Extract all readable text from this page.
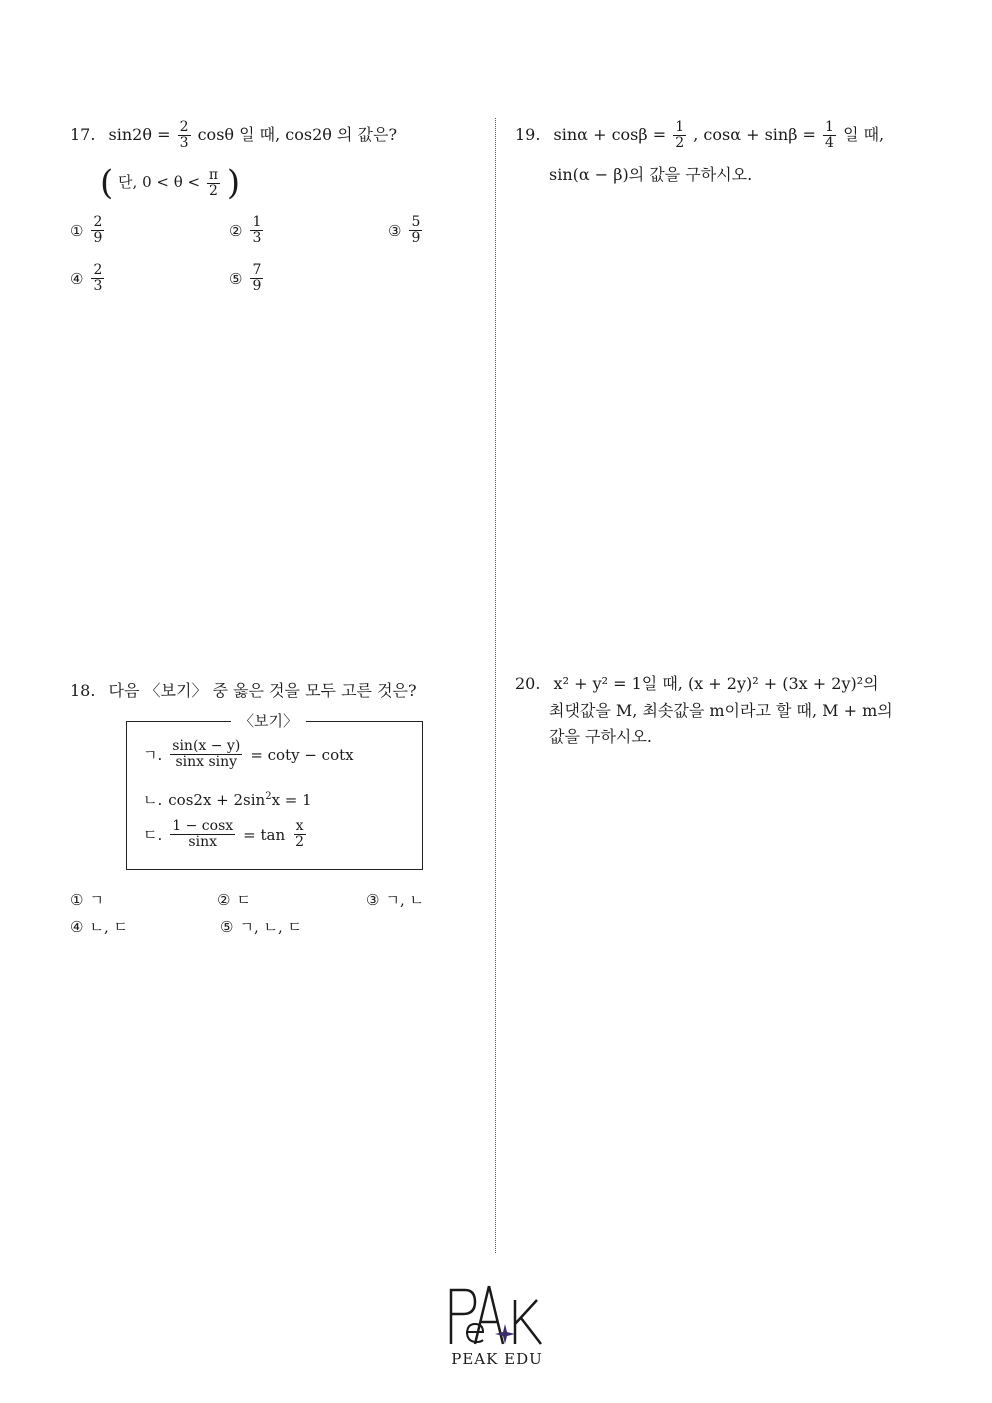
17. $\sin 2\theta = \frac{2}{3}$ cosθ 일 때, cos2θ 의 값은?
( 단, $0 < \theta < \frac{\pi}{2}$ )
① $\frac{2}{9}$	② $\frac{1}{3}$	③ $\frac{5}{9}$
④ $\frac{2}{3}$	⑤ $\frac{7}{9}$
19. $\sin\alpha + \cos\beta = \frac{1}{2}$ , $\cos\alpha + \sin\beta = \frac{1}{4}$ 일 때,
sin(α − β)의 값을 구하시오.
18. 다음 〈보기〉 중 옳은 것을 모두 고른 것은?
〈보기〉
ㄱ. $\frac{\sin(x - y)}{\text{sinx siny}} = \cot y - \cot x$
ㄴ. $\cos 2x + 2\sin^2x = 1$
ㄷ. $\frac{1 - \cos x}{\sin x} = \tan \frac{x}{2}$
① ㄱ	② ㄷ	③ ㄱ, ㄴ
④ ㄴ, ㄷ	⑤ ㄱ, ㄴ, ㄷ
20. x² + y² = 1일 때, (x + 2y)² + (3x + 2y)²의
최댓값을 M, 최솟값을 m이라고 할 때, M + m의
값을 구하시오.
PEAK EDU
